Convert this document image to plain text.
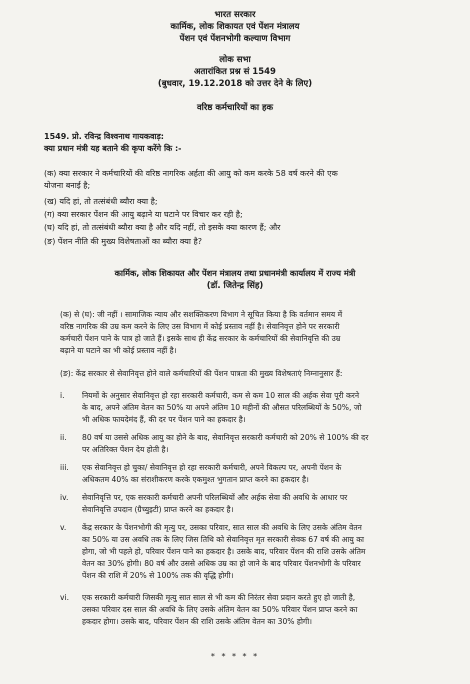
भारत सरकार
कार्मिक, लोक शिकायत एवं पेंशन मंत्रालय
पेंशन एवं पेंशनभोगी कल्याण विभाग
लोक सभा
अतारांकित प्रश्न सं 1549
(बुधवार, 19.12.2018 को उत्तर देने के लिए)
वरिष्ठ कर्मचारियों का हक
1549. प्रो. रविन्द्र विश्वनाथ गायकवाड़:
क्या प्रधान मंत्री यह बताने की कृपा करेंगे कि :-
(क) क्या सरकार ने कर्मचारियों की वरिष्ठ नागरिक अर्हता की आयु को कम करके 58 वर्ष करने की एक
योजना बनाई है;
(ख) यदि हां, तो तत्संबंधी ब्यौरा क्या है;
(ग) क्या सरकार पेंशन की आयु बढ़ाने या घटाने पर विचार कर रही है;
(घ) यदि हां, तो तत्संबंधी ब्यौरा क्या है और यदि नहीं, तो इसके क्या कारण हैं; और
(ङ) पेंशन नीति की मुख्य विशेषताओं का ब्यौरा क्या है?
कार्मिक, लोक शिकायत और पेंशन मंत्रालय तथा प्रधानमंत्री कार्यालय में राज्य मंत्री
(डॉ. जितेन्द्र सिंह)
(क) से (घ): जी नहीं । सामाजिक न्याय और सशक्तिकरण विभाग ने सूचित किया है कि वर्तमान समय में
वरिष्ठ नागरिक की उम्र कम करने के लिए उस विभाग में कोई प्रस्ताव नहीं है। सेवानिवृत्त होने पर सरकारी
कर्मचारी पेंशन पाने के पात्र हो जाते हैं। इसके साथ ही केंद्र सरकार के कर्मचारियों की सेवानिवृत्ति की उम्र
बढ़ाने या घटाने का भी कोई प्रस्ताव नहीं है।
(ङ): केंद्र सरकार से सेवानिवृत्त होने वाले कर्मचारियों की पेंशन पात्रता की मुख्य विशेषताएं निम्नानुसार हैं:
i. नियमों के अनुसार सेवानिवृत्त हो रहा सरकारी कर्मचारी, कम से कम 10 साल की अर्हक सेवा पूरी करने
के बाद, अपने अंतिम वेतन का 50% या अपने अंतिम 10 महीनों की औसत परिलब्धियों के 50%, जो
भी अधिक फायदेमंद हैं, की दर पर पेंशन पाने का हकदार है।
ii. 80 वर्ष या उससे अधिक आयु का होने के बाद, सेवानिवृत्त सरकारी कर्मचारी को 20% से 100% की दर
पर अतिरिक्त पेंशन देय होती है।
iii. एक सेवानिवृत्त हो चुका/ सेवानिवृत्त हो रहा सरकारी कर्मचारी, अपने विकल्प पर, अपनी पेंशन के
अधिकतम 40% का संराशीकरण करके एकमुश्त भुगतान प्राप्त करने का हकदार है।
iv. सेवानिवृत्ति पर, एक सरकारी कर्मचारी अपनी परिलब्धियों और अर्हक सेवा की अवधि के आधार पर
सेवानिवृत्ति उपदान (ग्रैच्युइटी) प्राप्त करने का हकदार है।
v. केंद्र सरकार के पेंशनभोगी की मृत्यु पर, उसका परिवार, सात साल की अवधि के लिए उसके अंतिम वेतन
का 50% या उस अवधि तक के लिए जिस तिथि को सेवानिवृत्त मृत सरकारी सेवक 67 वर्ष की आयु का
होगा, जो भी पहले हो, परिवार पेंशन पाने का हकदार है। उसके बाद, परिवार पेंशन की राशि उसके अंतिम
वेतन का 30% होगी। 80 वर्ष और उससे अधिक उम्र का हो जाने के बाद परिवार पेंशनभोगी के परिवार
पेंशन की राशि में 20% से 100% तक की वृद्धि होगी।
vi. एक सरकारी कर्मचारी जिसकी मृत्यु सात साल से भी कम की निरंतर सेवा प्रदान करते हुए हो जाती है,
उसका परिवार दस साल की अवधि के लिए उसके अंतिम वेतन का 50% परिवार पेंशन प्राप्त करने का
हकदार होगा। उसके बाद, परिवार पेंशन की राशि उसके अंतिम वेतन का 30% होगी।
* * * * *
